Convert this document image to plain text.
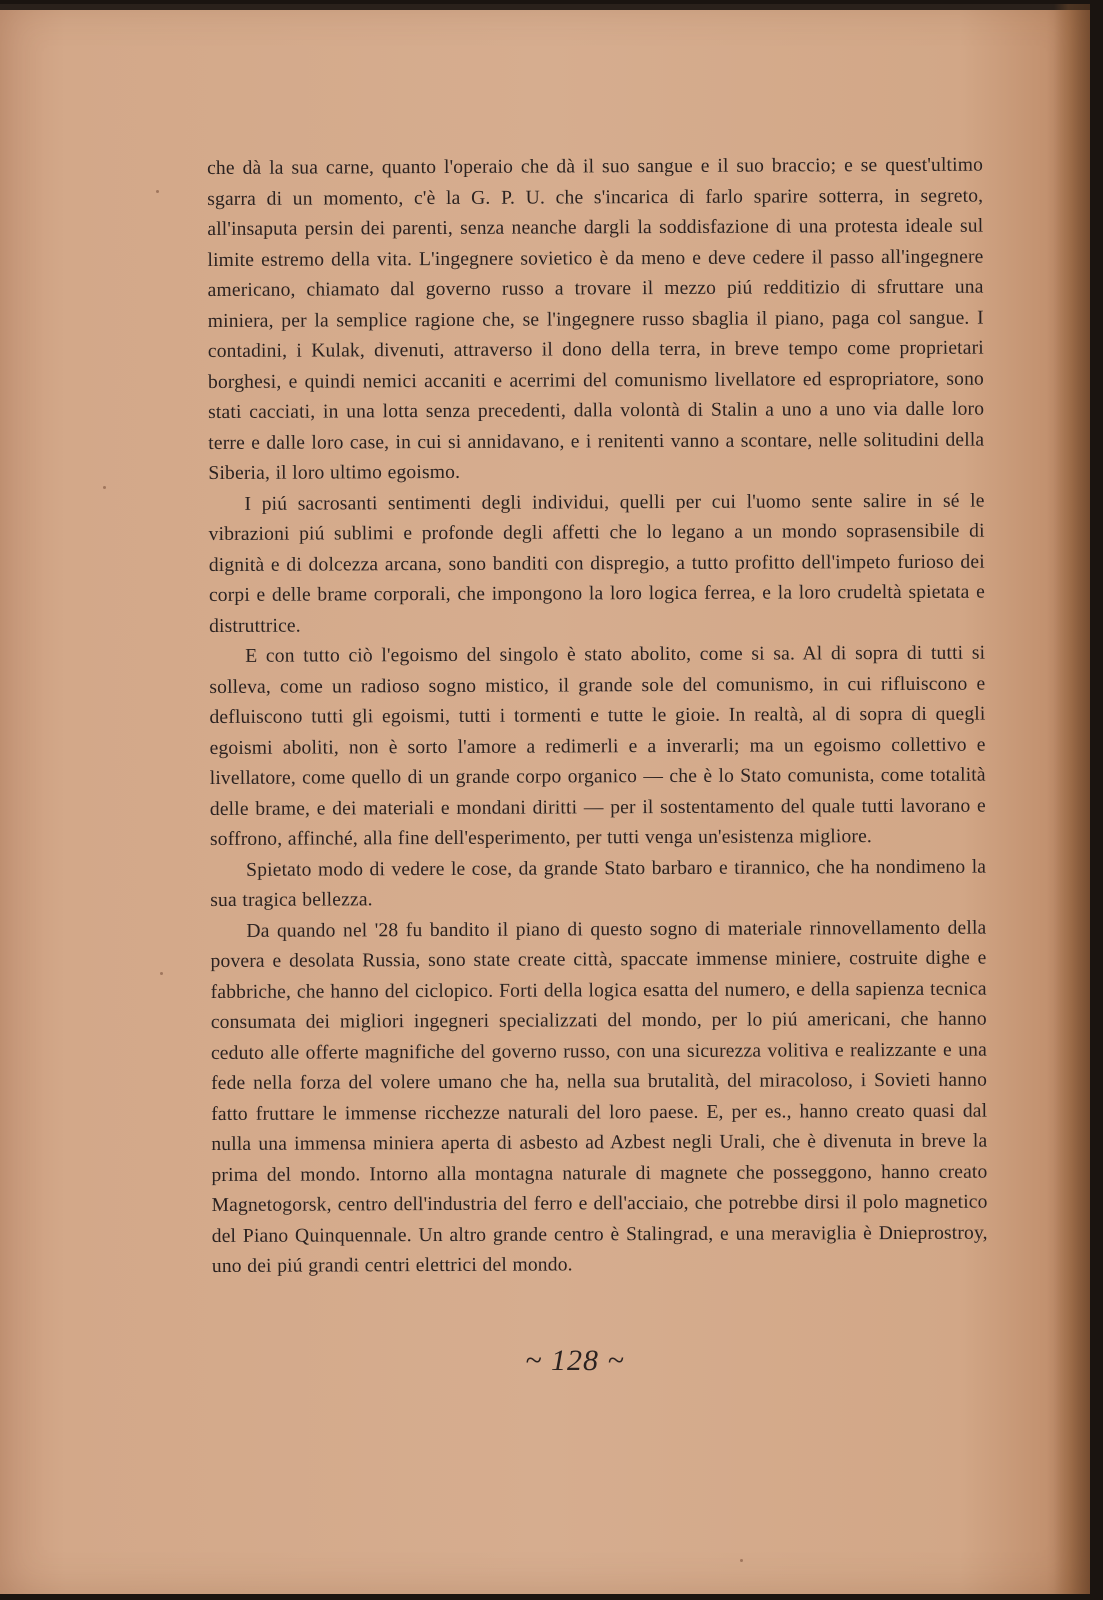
che dà la sua carne, quanto l'operaio che dà il suo sangue e il suo braccio; e se quest'ultimo sgarra di un momento, c'è la G. P. U. che s'incarica di farlo sparire sotterra, in segreto, all'insaputa persin dei parenti, senza neanche dargli la soddisfazione di una protesta ideale sul limite estremo della vita. L'ingegnere sovietico è da meno e deve cedere il passo all'ingegnere americano, chiamato dal governo russo a trovare il mezzo piú redditizio di sfruttare una miniera, per la semplice ragione che, se l'ingegnere russo sbaglia il piano, paga col sangue. I contadini, i Kulak, divenuti, attraverso il dono della terra, in breve tempo come proprietari borghesi, e quindi nemici accaniti e acerrimi del comunismo livellatore ed espropriatore, sono stati cacciati, in una lotta senza precedenti, dalla volontà di Stalin a uno a uno via dalle loro terre e dalle loro case, in cui si annidavano, e i renitenti vanno a scontare, nelle solitudini della Siberia, il loro ultimo egoismo.

I piú sacrosanti sentimenti degli individui, quelli per cui l'uomo sente salire in sé le vibrazioni piú sublimi e profonde degli affetti che lo legano a un mondo soprasensibile di dignità e di dolcezza arcana, sono banditi con dispregio, a tutto profitto dell'impeto furioso dei corpi e delle brame corporali, che impongono la loro logica ferrea, e la loro crudeltà spietata e distruttrice.

E con tutto ciò l'egoismo del singolo è stato abolito, come si sa. Al di sopra di tutti si solleva, come un radioso sogno mistico, il grande sole del comunismo, in cui rifluiscono e defluiscono tutti gli egoismi, tutti i tormenti e tutte le gioie. In realtà, al di sopra di quegli egoismi aboliti, non è sorto l'amore a redimerli e a inverarli; ma un egoismo collettivo e livellatore, come quello di un grande corpo organico — che è lo Stato comunista, come totalità delle brame, e dei materiali e mondani diritti — per il sostentamento del quale tutti lavorano e soffrono, affinché, alla fine dell'esperimento, per tutti venga un'esistenza migliore.

Spietato modo di vedere le cose, da grande Stato barbaro e tirannico, che ha nondimeno la sua tragica bellezza.

Da quando nel '28 fu bandito il piano di questo sogno di materiale rinnovellamento della povera e desolata Russia, sono state create città, spaccate immense miniere, costruite dighe e fabbriche, che hanno del ciclopico. Forti della logica esatta del numero, e della sapienza tecnica consumata dei migliori ingegneri specializzati del mondo, per lo piú americani, che hanno ceduto alle offerte magnifiche del governo russo, con una sicurezza volitiva e realizzante e una fede nella forza del volere umano che ha, nella sua brutalità, del miracoloso, i Sovieti hanno fatto fruttare le immense ricchezze naturali del loro paese. E, per es., hanno creato quasi dal nulla una immensa miniera aperta di asbesto ad Azbest negli Urali, che è divenuta in breve la prima del mondo. Intorno alla montagna naturale di magnete che posseggono, hanno creato Magnetogorsk, centro dell'industria del ferro e dell'acciaio, che potrebbe dirsi il polo magnetico del Piano Quinquennale. Un altro grande centro è Stalingrad, e una meraviglia è Dnieprostroy, uno dei piú grandi centri elettrici del mondo.

~ 128 ~
